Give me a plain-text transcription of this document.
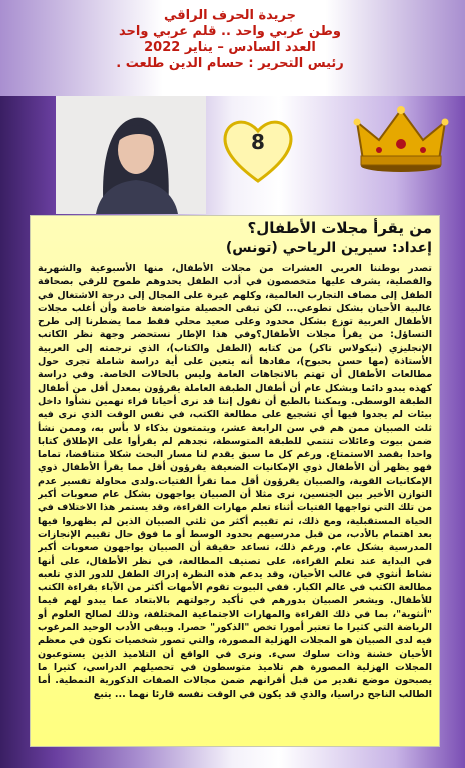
جريدة الحرف الراقي
وطن عربي واحد .. قلم عربي واحد
العدد السادس – يناير 2022
رئيس التحرير : حسام الدين طلعت .
8
من يقرأ مجلات الأطفال؟
إعداد: سيرين الرياحي (تونس)
تصدر بوطننا العربي العشرات من مجلات الأطفال، منها الأسبوعية والشهرية والفصلية، يشرف عليها متخصصون في أدب الطفل يحدوهم طموح للرقي بصحافة الطفل إلى مصاف التجارب العالمية، وكلهم غيرة على المجال إلى درجة الاشتغال في غالبية الأحيان بشكل تطوعي... لكن تبقى الحصيلة متواضعة خاصة وأن أغلب مجلات الأطفال العربية توزع بشكل محدود وعلى صعيد محلي فقط مما يضطرنا إلى طرح التساؤل: من يقرأ مجلات الأطفال؟وفي هذا الإطار نستحضر وجهة نظر الكاتب الإنجليزي (نيكولاس تاكر) من كتابه (الطفل والكتاب)، الذي ترجمته إلى العربية الأستاذة (مها حسن بحبوح)، مفادها أنه يتعين على أية دراسة شاملة تجرى حول مطالعات الأطفال أن تهتم بالاتجاهات العامة وليس بالحالات الخاصة. وفي دراسة كهذه يبدو دائما وبشكل عام أن أطفال الطبقة العاملة يقرؤون بمعدل أقل من أطفال الطبقة الوسطى. ويمكننا بالطبع أن نقول إننا قد نرى أحيانا قراء نهمين نشأوا داخل بيئات لم يجدوا فيها أي تشجيع على مطالعة الكتب، في نفس الوقت الذي نرى فيه ثلث الصبيان ممن هم في سن الرابعة عشر، ويتمتعون بذكاء لا بأس به، وممن نشأ ضمن بيوت وعائلات تنتمي للطبقة المتوسطة، نجدهم لم يقرأوا على الإطلاق كتابا واحدا بقصد الاستمتاع. ورغم كل ما سبق يقدم لنا مسار البحث شكلا متناقضا، تماما فهو يظهر أن الأطفال ذوي الإمكانيات الضعيفة يقرؤون أقل مما يقرأ الأطفال ذوي الإمكانيات القوية، والصبيان يقرؤون أقل مما تقرأ الفتيات.ولدى محاولة تفسير عدم التوازن الأخير بين الجنسين، نرى مثلا أن الصبيان يواجهون بشكل عام صعوبات أكبر من تلك التي تواجهها الفتيات أثناء تعلم مهارات القراءة، وقد يستمر هذا الاختلاف في الحياة المستقبلية، ومع ذلك، ثم تقييم أكثر من ثلثي الصبيان الذين لم يظهروا فيها بعد اهتمام بالأدب، من قبل مدرسيهم بحدود الوسط أو ما فوق حال تقييم الإنجازات المدرسية بشكل عام. ورغم ذلك، تساعد حقيقة أن الصبيان يواجهون صعوبات أكبر في البداية عند تعلم القراءة، على تصنيف المطالعة، في نظر الأطفال، على أنها نشاط أنثوي في غالب الأحيان، وقد يدعم هذه النظرة إدراك الطفل للدور الذي تلعبه مطالعة الكتب في عالم الكبار. ففي البيوت تقوم الأمهات أكثر من الآباء بقراءة الكتب للأطفال. ويشعر الصبيان بدورهم في تأكيد رجولتهم بالابتعاد عما يبدو لهم قيما "أنثوية"، بما في ذلك القراءة والمهارات الاجتماعية المختلفة، وذلك لصالح العلوم أو الرياضة التي كثيرا ما تعتبر أمورا تخص "الذكور" حصرا. ويبقى الأدب الوحيد المرغوب فيه لدى الصبيان هو المجلات الهزلية المصورة، والتي تصور شخصيات تكون في معظم الأحيان خشنة وذات سلوك سيء. ونرى في الواقع أن التلاميذ الذين يستوعبون المجلات الهزلية المصورة هم تلاميذ متوسطون في تحصيلهم الدراسي، كثيرا ما يصبحون موضع تقدير من قبل أقرانهم ضمن مجالات الصفات الذكورية النمطية. أما الطالب الناجح دراسيا، والذي قد يكون في الوقت نفسه قارئا نهما ... يتبع
